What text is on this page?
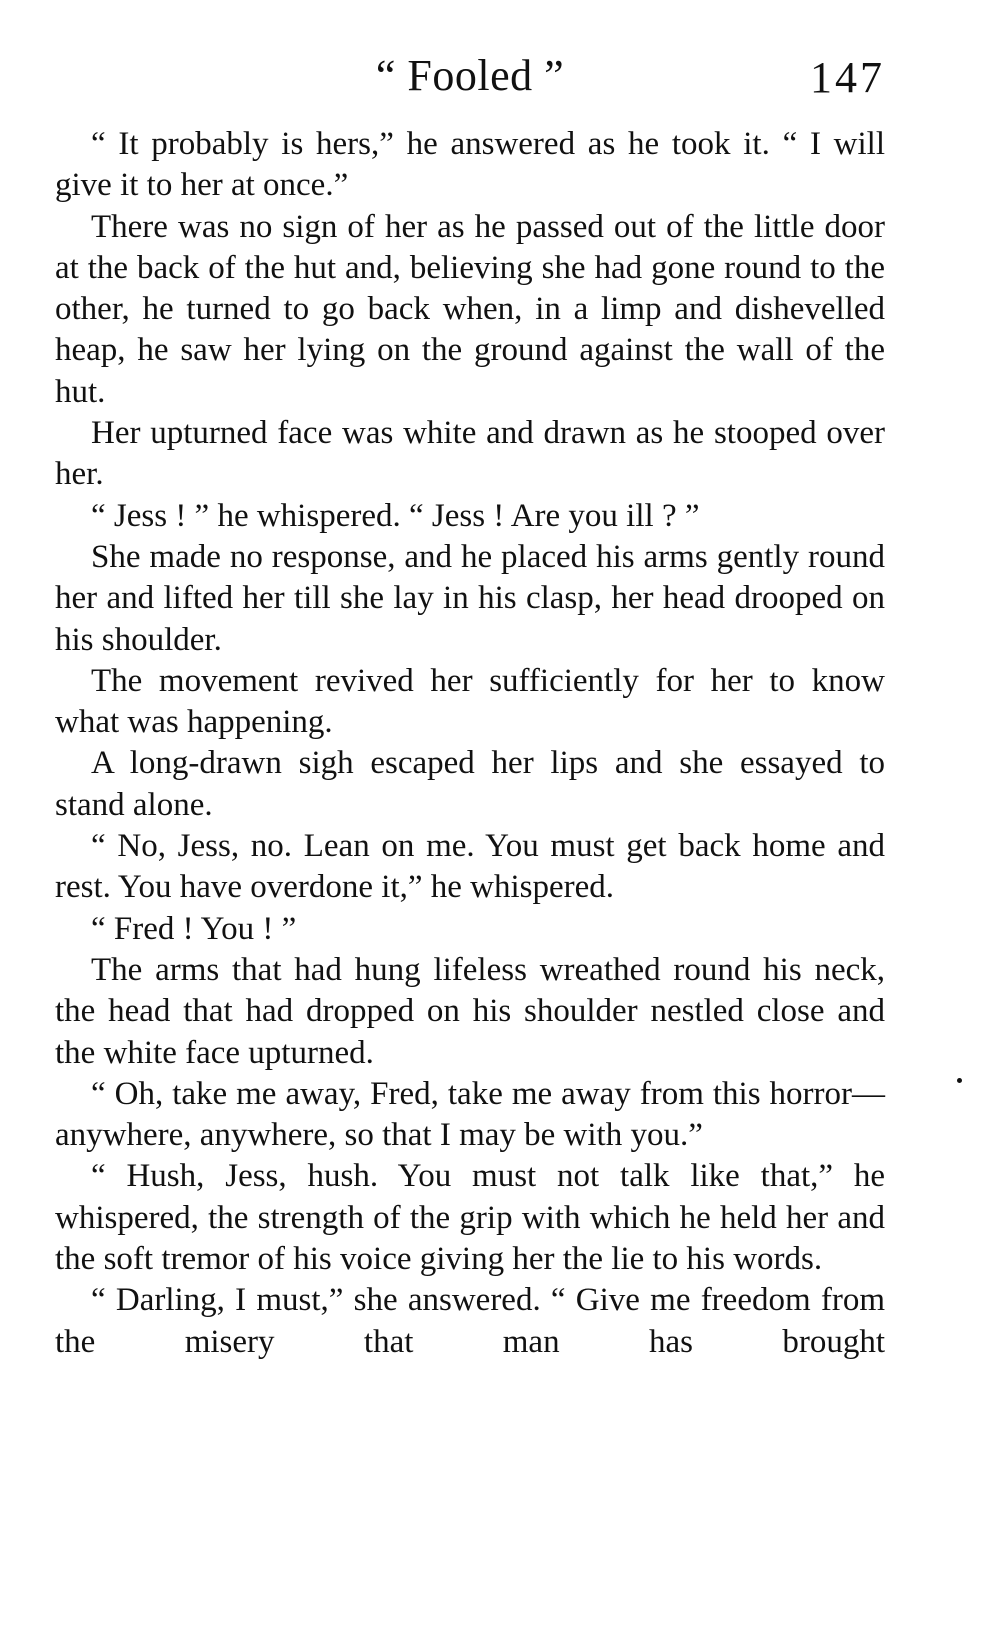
“ Fooled ”	147

“ It probably is hers,” he answered as he took it. “ I will give it to her at once.”

There was no sign of her as he passed out of the little door at the back of the hut and, believing she had gone round to the other, he turned to go back when, in a limp and dishevelled heap, he saw her lying on the ground against the wall of the hut.

Her upturned face was white and drawn as he stooped over her.

“ Jess ! ” he whispered. “ Jess ! Are you ill ? ”

She made no response, and he placed his arms gently round her and lifted her till she lay in his clasp, her head drooped on his shoulder.

The movement revived her sufficiently for her to know what was happening.

A long-drawn sigh escaped her lips and she essayed to stand alone.

“ No, Jess, no. Lean on me. You must get back home and rest. You have overdone it,” he whispered.

“ Fred ! You ! ”

The arms that had hung lifeless wreathed round his neck, the head that had dropped on his shoulder nestled close and the white face upturned.

“ Oh, take me away, Fred, take me away from this horror—anywhere, anywhere, so that I may be with you.”

“ Hush, Jess, hush. You must not talk like that,” he whispered, the strength of the grip with which he held her and the soft tremor of his voice giving her the lie to his words.

“ Darling, I must,” she answered. “ Give me freedom from the misery that man has brought
